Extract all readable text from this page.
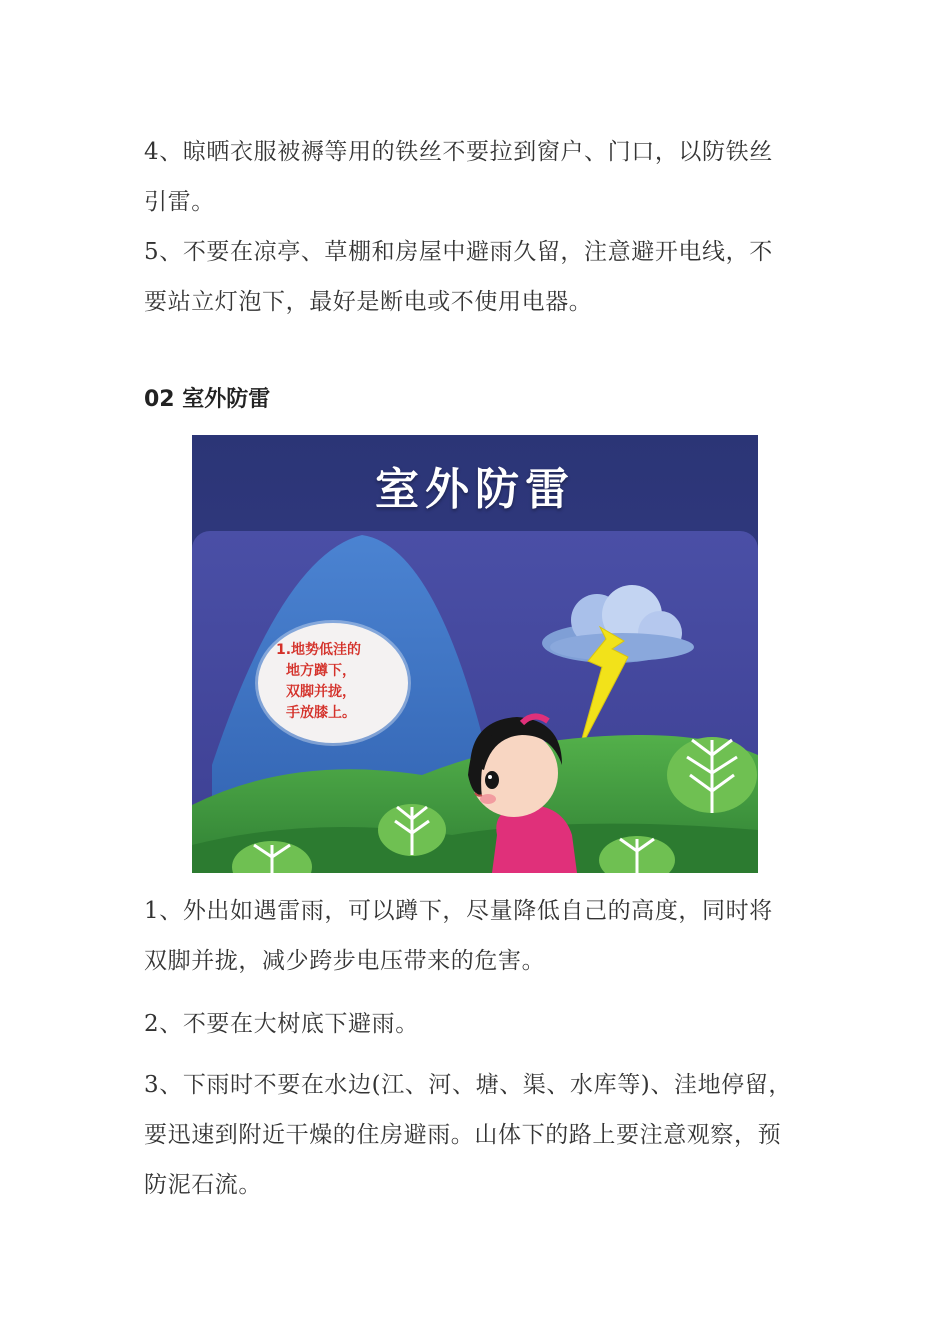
4、晾晒衣服被褥等用的铁丝不要拉到窗户、门口，以防铁丝
引雷。
5、不要在凉亭、草棚和房屋中避雨久留，注意避开电线，不
要站立灯泡下，最好是断电或不使用电器。
02 室外防雷
室外防雷
1.地势低洼的
地方蹲下，
双脚并拢，
手放膝上。
1、外出如遇雷雨，可以蹲下，尽量降低自己的高度，同时将
双脚并拢，减少跨步电压带来的危害。
2、不要在大树底下避雨。
3、下雨时不要在水边(江、河、塘、渠、水库等)、洼地停留，
要迅速到附近干燥的住房避雨。山体下的路上要注意观察，预
防泥石流。
